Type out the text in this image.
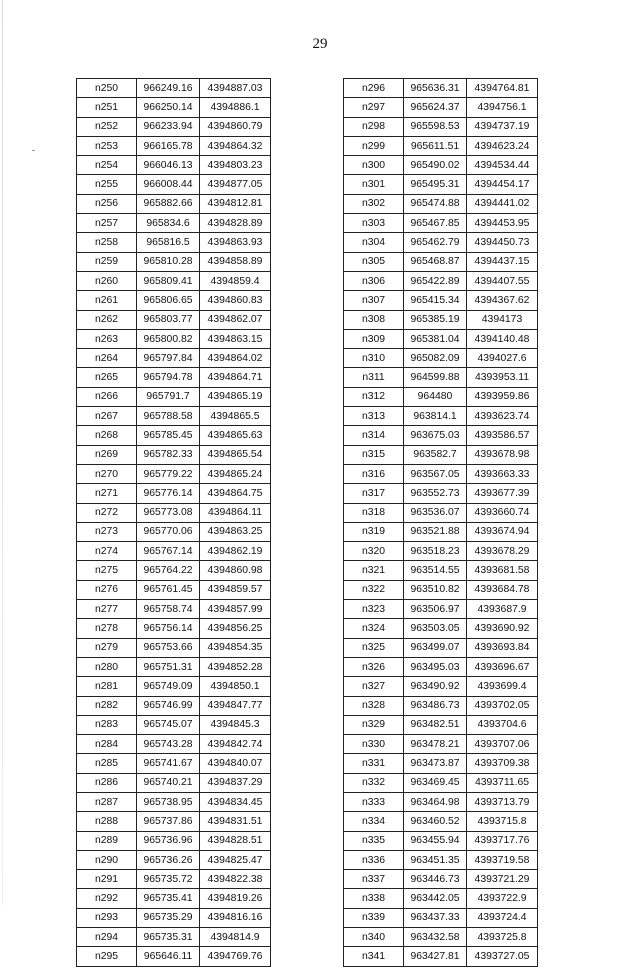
29
n250	966249.16	4394887.03
n251	966250.14	4394886.1
n252	966233.94	4394860.79
n253	966165.78	4394864.32
n254	966046.13	4394803.23
n255	966008.44	4394877.05
n256	965882.66	4394812.81
n257	965834.6	4394828.89
n258	965816.5	4394863.93
n259	965810.28	4394858.89
n260	965809.41	4394859.4
n261	965806.65	4394860.83
n262	965803.77	4394862.07
n263	965800.82	4394863.15
n264	965797.84	4394864.02
n265	965794.78	4394864.71
n266	965791.7	4394865.19
n267	965788.58	4394865.5
n268	965785.45	4394865.63
n269	965782.33	4394865.54
n270	965779.22	4394865.24
n271	965776.14	4394864.75
n272	965773.08	4394864.11
n273	965770.06	4394863.25
n274	965767.14	4394862.19
n275	965764.22	4394860.98
n276	965761.45	4394859.57
n277	965758.74	4394857.99
n278	965756.14	4394856.25
n279	965753.66	4394854.35
n280	965751.31	4394852.28
n281	965749.09	4394850.1
n282	965746.99	4394847.77
n283	965745.07	4394845.3
n284	965743.28	4394842.74
n285	965741.67	4394840.07
n286	965740.21	4394837.29
n287	965738.95	4394834.45
n288	965737.86	4394831.51
n289	965736.96	4394828.51
n290	965736.26	4394825.47
n291	965735.72	4394822.38
n292	965735.41	4394819.26
n293	965735.29	4394816.16
n294	965735.31	4394814.9
n295	965646.11	4394769.76
n296	965636.31	4394764.81
n297	965624.37	4394756.1
n298	965598.53	4394737.19
n299	965611.51	4394623.24
n300	965490.02	4394534.44
n301	965495.31	4394454.17
n302	965474.88	4394441.02
n303	965467.85	4394453.95
n304	965462.79	4394450.73
n305	965468.87	4394437.15
n306	965422.89	4394407.55
n307	965415.34	4394367.62
n308	965385.19	4394173
n309	965381.04	4394140.48
n310	965082.09	4394027.6
n311	964599.88	4393953.11
n312	964480	4393959.86
n313	963814.1	4393623.74
n314	963675.03	4393586.57
n315	963582.7	4393678.98
n316	963567.05	4393663.33
n317	963552.73	4393677.39
n318	963536.07	4393660.74
n319	963521.88	4393674.94
n320	963518.23	4393678.29
n321	963514.55	4393681.58
n322	963510.82	4393684.78
n323	963506.97	4393687.9
n324	963503.05	4393690.92
n325	963499.07	4393693.84
n326	963495.03	4393696.67
n327	963490.92	4393699.4
n328	963486.73	4393702.05
n329	963482.51	4393704.6
n330	963478.21	4393707.06
n331	963473.87	4393709.38
n332	963469.45	4393711.65
n333	963464.98	4393713.79
n334	963460.52	4393715.8
n335	963455.94	4393717.76
n336	963451.35	4393719.58
n337	963446.73	4393721.29
n338	963442.05	4393722.9
n339	963437.33	4393724.4
n340	963432.58	4393725.8
n341	963427.81	4393727.05
